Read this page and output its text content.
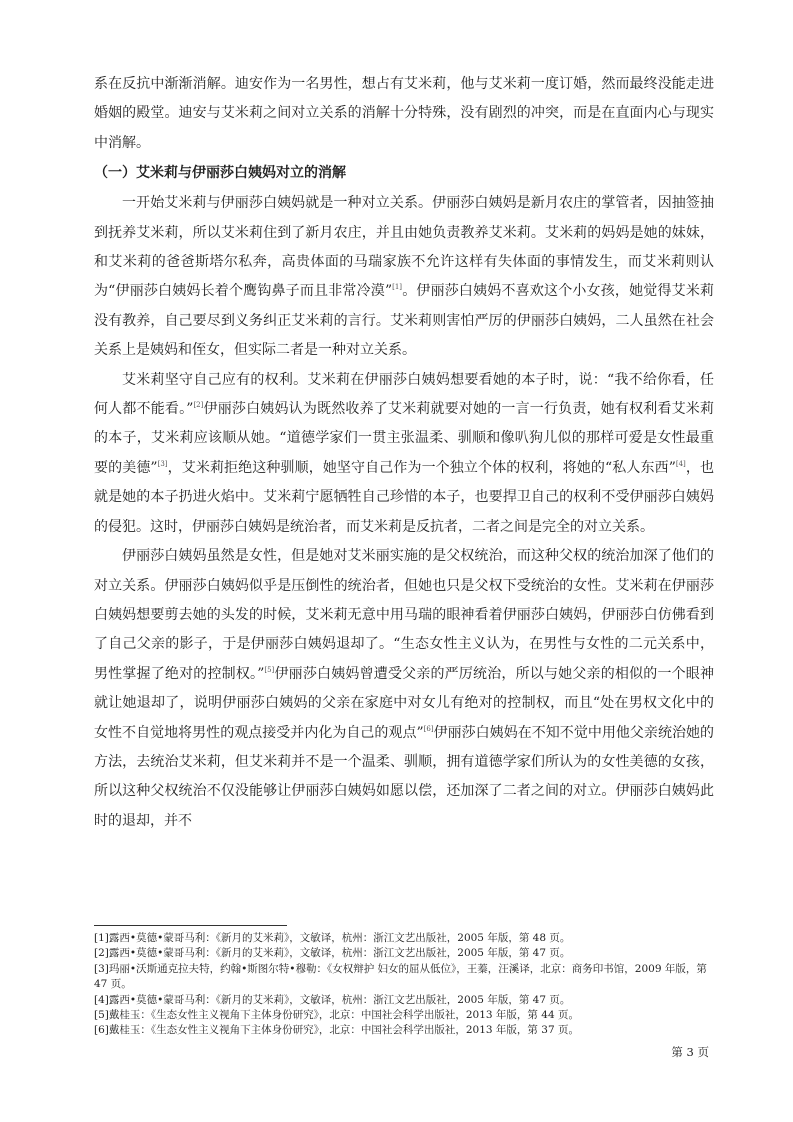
系在反抗中渐渐消解。迪安作为一名男性，想占有艾米莉，他与艾米莉一度订婚，然而最终没能走进婚姻的殿堂。迪安与艾米莉之间对立关系的消解十分特殊，没有剧烈的冲突，而是在直面内心与现实中消解。

（一）艾米莉与伊丽莎白姨妈对立的消解

一开始艾米莉与伊丽莎白姨妈就是一种对立关系。伊丽莎白姨妈是新月农庄的掌管者，因抽签抽到抚养艾米莉，所以艾米莉住到了新月农庄，并且由她负责教养艾米莉。艾米莉的妈妈是她的妹妹，和艾米莉的爸爸斯塔尔私奔，高贵体面的马瑞家族不允许这样有失体面的事情发生，而艾米莉则认为“伊丽莎白姨妈长着个鹰钩鼻子而且非常冷漠”[1]。伊丽莎白姨妈不喜欢这个小女孩，她觉得艾米莉没有教养，自己要尽到义务纠正艾米莉的言行。艾米莉则害怕严厉的伊丽莎白姨妈，二人虽然在社会关系上是姨妈和侄女，但实际二者是一种对立关系。

艾米莉坚守自己应有的权利。艾米莉在伊丽莎白姨妈想要看她的本子时，说：“我不给你看，任何人都不能看。”[2]伊丽莎白姨妈认为既然收养了艾米莉就要对她的一言一行负责，她有权利看艾米莉的本子，艾米莉应该顺从她。“道德学家们一贯主张温柔、驯顺和像叭狗儿似的那样可爱是女性最重要的美德”[3]，艾米莉拒绝这种驯顺，她坚守自己作为一个独立个体的权利，将她的“私人东西”[4]，也就是她的本子扔进火焰中。艾米莉宁愿牺牲自己珍惜的本子，也要捍卫自己的权利不受伊丽莎白姨妈的侵犯。这时，伊丽莎白姨妈是统治者，而艾米莉是反抗者，二者之间是完全的对立关系。

伊丽莎白姨妈虽然是女性，但是她对艾米丽实施的是父权统治，而这种父权的统治加深了他们的对立关系。伊丽莎白姨妈似乎是压倒性的统治者，但她也只是父权下受统治的女性。艾米莉在伊丽莎白姨妈想要剪去她的头发的时候，艾米莉无意中用马瑞的眼神看着伊丽莎白姨妈，伊丽莎白仿佛看到了自己父亲的影子，于是伊丽莎白姨妈退却了。“生态女性主义认为，在男性与女性的二元关系中，男性掌握了绝对的控制权。”[5]伊丽莎白姨妈曾遭受父亲的严厉统治，所以与她父亲的相似的一个眼神就让她退却了，说明伊丽莎白姨妈的父亲在家庭中对女儿有绝对的控制权，而且“处在男权文化中的女性不自觉地将男性的观点接受并内化为自己的观点”[6]伊丽莎白姨妈在不知不觉中用他父亲统治她的方法，去统治艾米莉，但艾米莉并不是一个温柔、驯顺，拥有道德学家们所认为的女性美德的女孩，所以这种父权统治不仅没能够让伊丽莎白姨妈如愿以偿，还加深了二者之间的对立。伊丽莎白姨妈此时的退却，并不

[1]露西•莫德•蒙哥马利：《新月的艾米莉》，文敏译，杭州：浙江文艺出版社，2005 年版，第 48 页。
[2]露西•莫德•蒙哥马利：《新月的艾米莉》，文敏译，杭州：浙江文艺出版社，2005 年版，第 47 页。
[3]玛丽•沃斯通克拉夫特，约翰•斯图尔特•穆勒：《女权辩护 妇女的屈从低位》，王蓁，汪溪译，北京：商务印书馆，2009 年版，第 47 页。
[4]露西•莫德•蒙哥马利：《新月的艾米莉》，文敏译，杭州：浙江文艺出版社，2005 年版，第 47 页。
[5]戴桂玉：《生态女性主义视角下主体身份研究》，北京：中国社会科学出版社，2013 年版，第 44 页。
[6]戴桂玉：《生态女性主义视角下主体身份研究》，北京：中国社会科学出版社，2013 年版，第 37 页。
第 3 页
